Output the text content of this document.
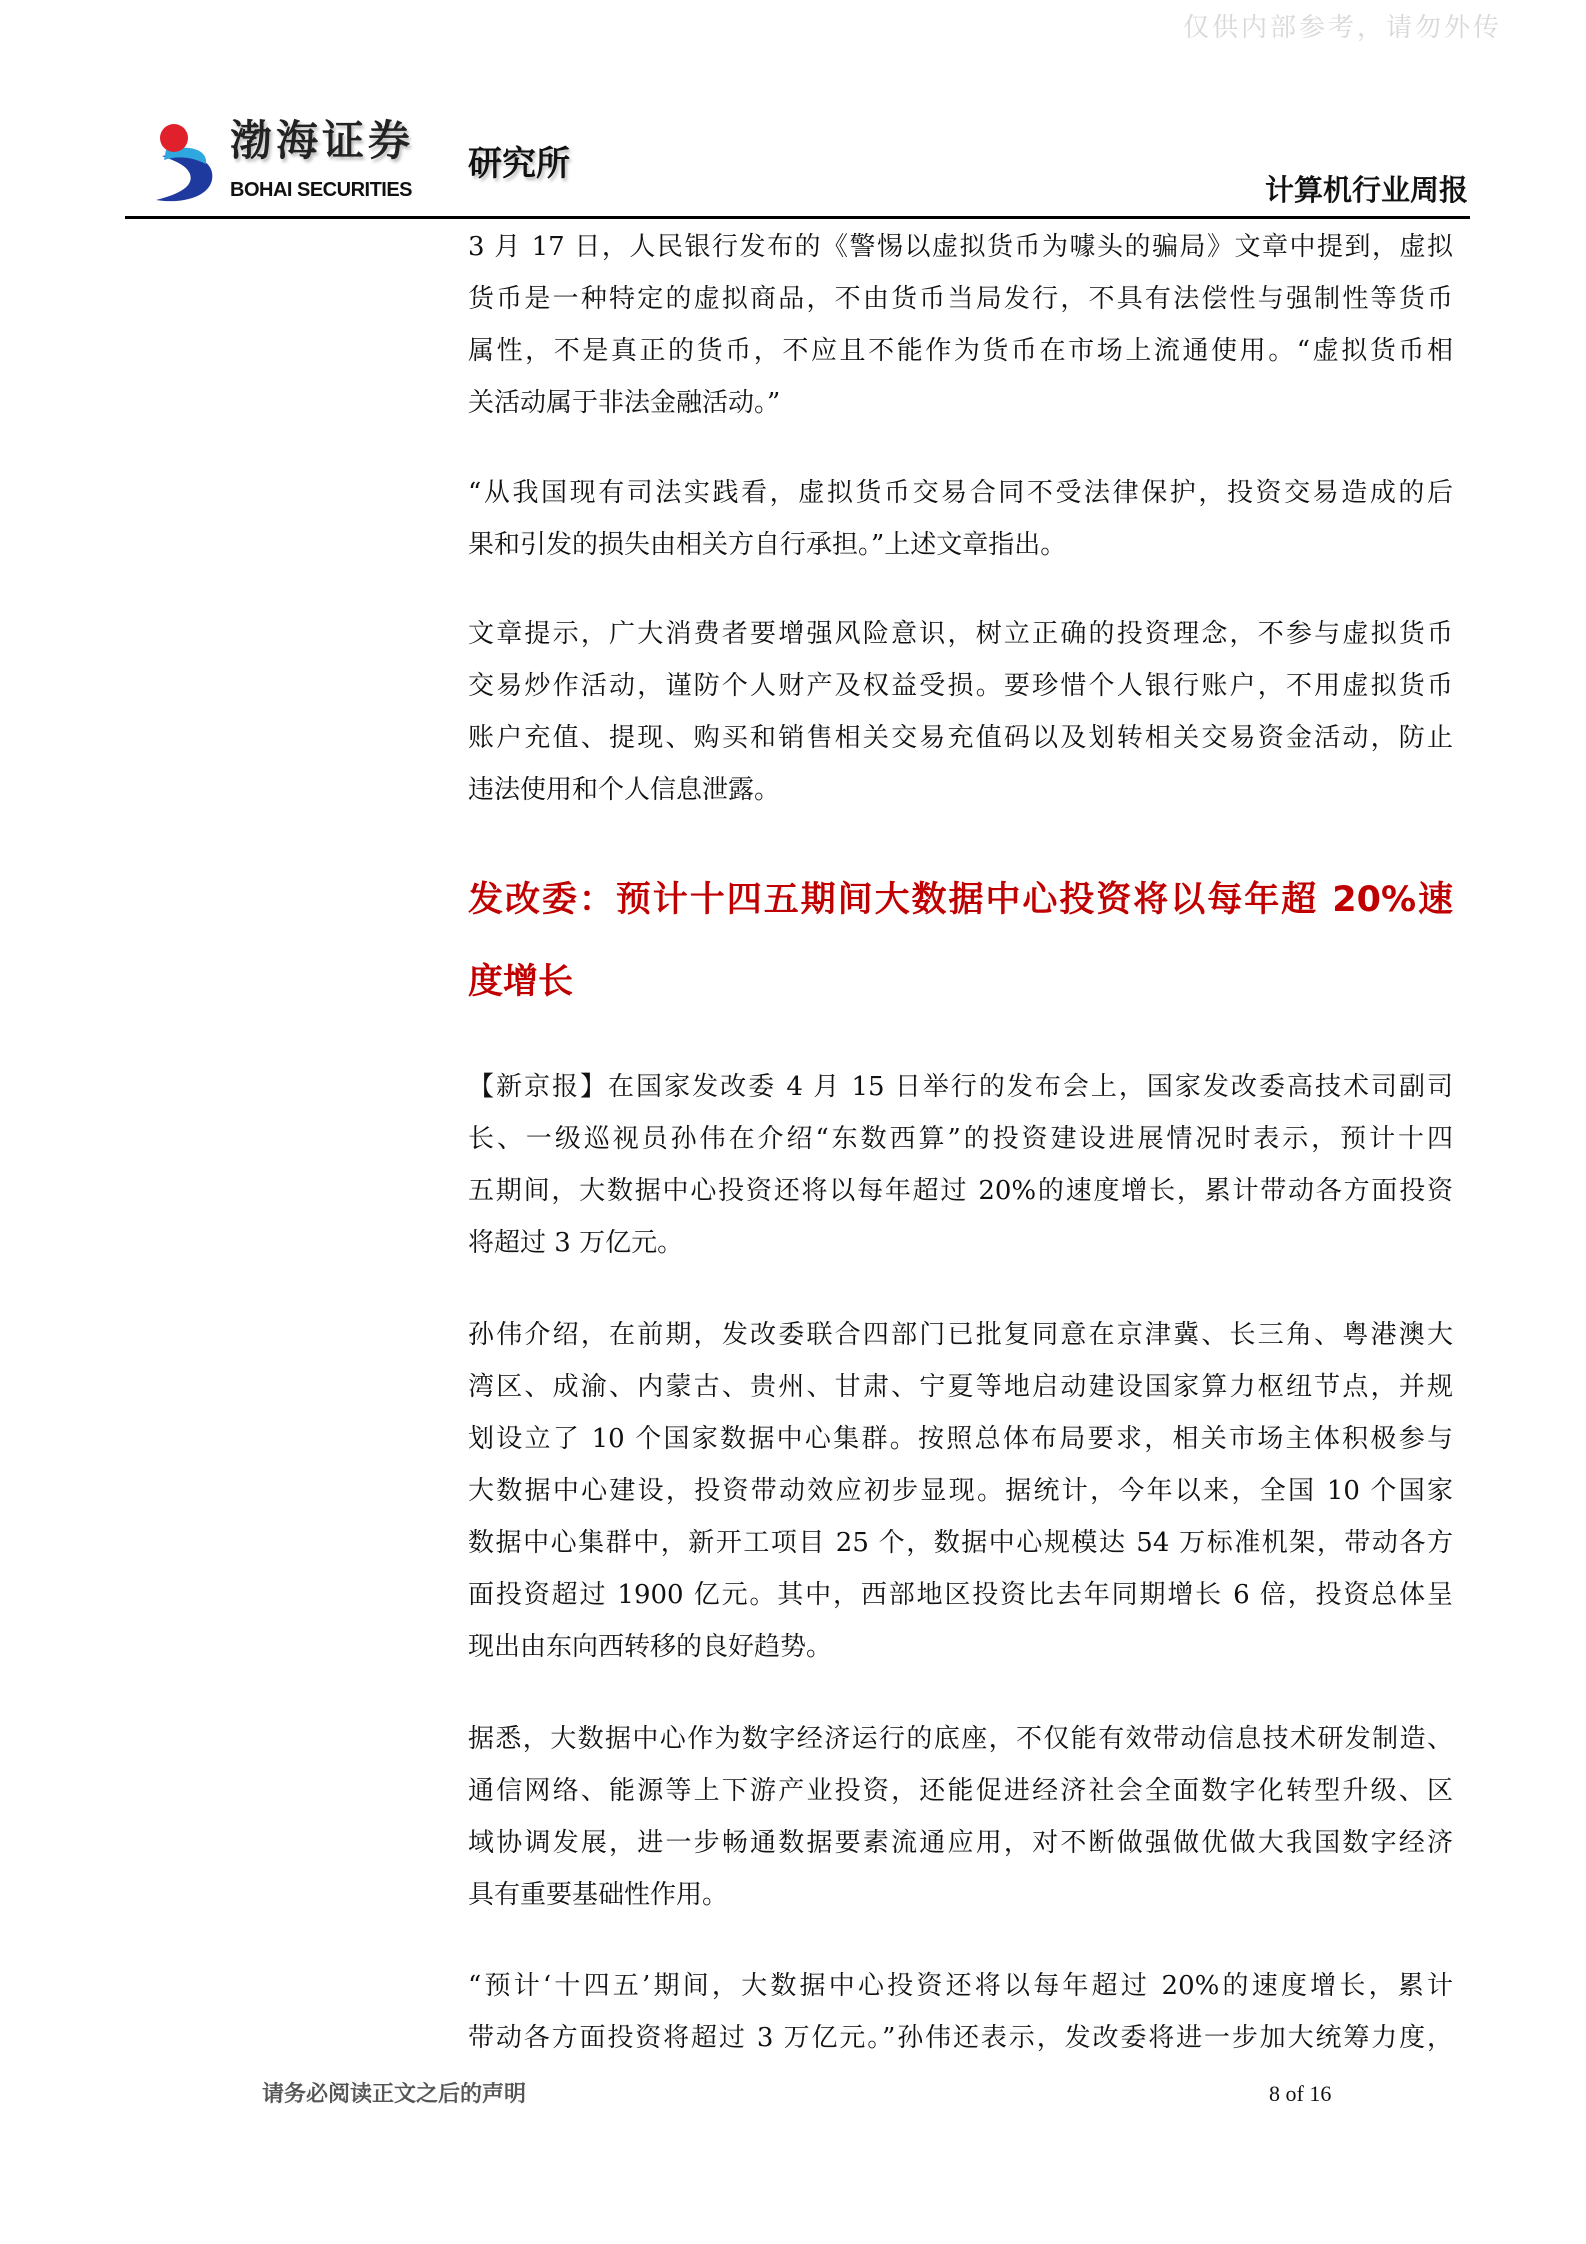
仅供内部参考，请勿外传
渤海证券
BOHAI SECURITIES
研究所
计算机行业周报
3 月 17 日，人民银行发布的《警惕以虚拟货币为噱头的骗局》文章中提到，虚拟
货币是一种特定的虚拟商品，不由货币当局发行，不具有法偿性与强制性等货币
属性，不是真正的货币，不应且不能作为货币在市场上流通使用。“虚拟货币相
关活动属于非法金融活动。”
“从我国现有司法实践看，虚拟货币交易合同不受法律保护，投资交易造成的后
果和引发的损失由相关方自行承担。”上述文章指出。
文章提示，广大消费者要增强风险意识，树立正确的投资理念，不参与虚拟货币
交易炒作活动，谨防个人财产及权益受损。要珍惜个人银行账户，不用虚拟货币
账户充值、提现、购买和销售相关交易充值码以及划转相关交易资金活动，防止
违法使用和个人信息泄露。
【新京报】在国家发改委 4 月 15 日举行的发布会上，国家发改委高技术司副司
长、一级巡视员孙伟在介绍“东数西算”的投资建设进展情况时表示，预计十四
五期间，大数据中心投资还将以每年超过 20%的速度增长，累计带动各方面投资
将超过 3 万亿元。
孙伟介绍，在前期，发改委联合四部门已批复同意在京津冀、长三角、粤港澳大
湾区、成渝、内蒙古、贵州、甘肃、宁夏等地启动建设国家算力枢纽节点，并规
划设立了 10 个国家数据中心集群。按照总体布局要求，相关市场主体积极参与
大数据中心建设，投资带动效应初步显现。据统计，今年以来，全国 10 个国家
数据中心集群中，新开工项目 25 个，数据中心规模达 54 万标准机架，带动各方
面投资超过 1900 亿元。其中，西部地区投资比去年同期增长 6 倍，投资总体呈
现出由东向西转移的良好趋势。
据悉，大数据中心作为数字经济运行的底座，不仅能有效带动信息技术研发制造、
通信网络、能源等上下游产业投资，还能促进经济社会全面数字化转型升级、区
域协调发展，进一步畅通数据要素流通应用，对不断做强做优做大我国数字经济
具有重要基础性作用。
“预计‘十四五’期间，大数据中心投资还将以每年超过 20%的速度增长，累计
带动各方面投资将超过 3 万亿元。”孙伟还表示，发改委将进一步加大统筹力度，
发改委：预计十四五期间大数据中心投资将以每年超 20%速
度增长
请务必阅读正文之后的声明	8 of 16
